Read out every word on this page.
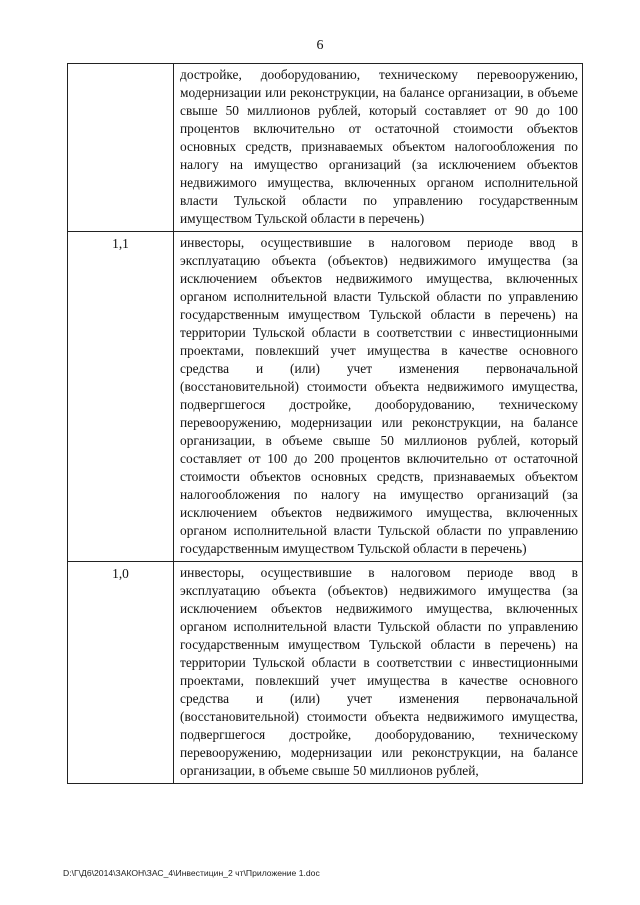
6
	достройке, дооборудованию, техническому перевооружению, модернизации или реконструкции, на балансе организации, в объеме свыше 50 миллионов рублей, который составляет от 90 до 100 процентов включительно от остаточной стоимости объектов основных средств, признаваемых объектом налогообложения по налогу на имущество организаций (за исключением объектов недвижимого имущества, включенных органом исполнительной власти Тульской области по управлению государственным имуществом Тульской области в перечень)
1,1	инвесторы, осуществившие в налоговом периоде ввод в эксплуатацию объекта (объектов) недвижимого имущества (за исключением объектов недвижимого имущества, включенных органом исполнительной власти Тульской области по управлению государственным имуществом Тульской области в перечень) на территории Тульской области в соответствии с инвестиционными проектами, повлекший учет имущества в качестве основного средства и (или) учет изменения первоначальной (восстановительной) стоимости объекта недвижимого имущества, подвергшегося достройке, дооборудованию, техническому перевооружению, модернизации или реконструкции, на балансе организации, в объеме свыше 50 миллионов рублей, который составляет от 100 до 200 процентов включительно от остаточной стоимости объектов основных средств, признаваемых объектом налогообложения по налогу на имущество организаций (за исключением объектов недвижимого имущества, включенных органом исполнительной власти Тульской области по управлению государственным имуществом Тульской области в перечень)
1,0	инвесторы, осуществившие в налоговом периоде ввод в эксплуатацию объекта (объектов) недвижимого имущества (за исключением объектов недвижимого имущества, включенных органом исполнительной власти Тульской области по управлению государственным имуществом Тульской области в перечень) на территории Тульской области в соответствии с инвестиционными проектами, повлекший учет имущества в качестве основного средства и (или) учет изменения первоначальной (восстановительной) стоимости объекта недвижимого имущества, подвергшегося достройке, дооборудованию, техническому перевооружению, модернизации или реконструкции, на балансе организации, в объеме свыше 50 миллионов рублей,
D:\Г\Д6\2014\ЗАКОН\ЗАС_4\Инвестицин_2 чт\Приложение 1.doc
